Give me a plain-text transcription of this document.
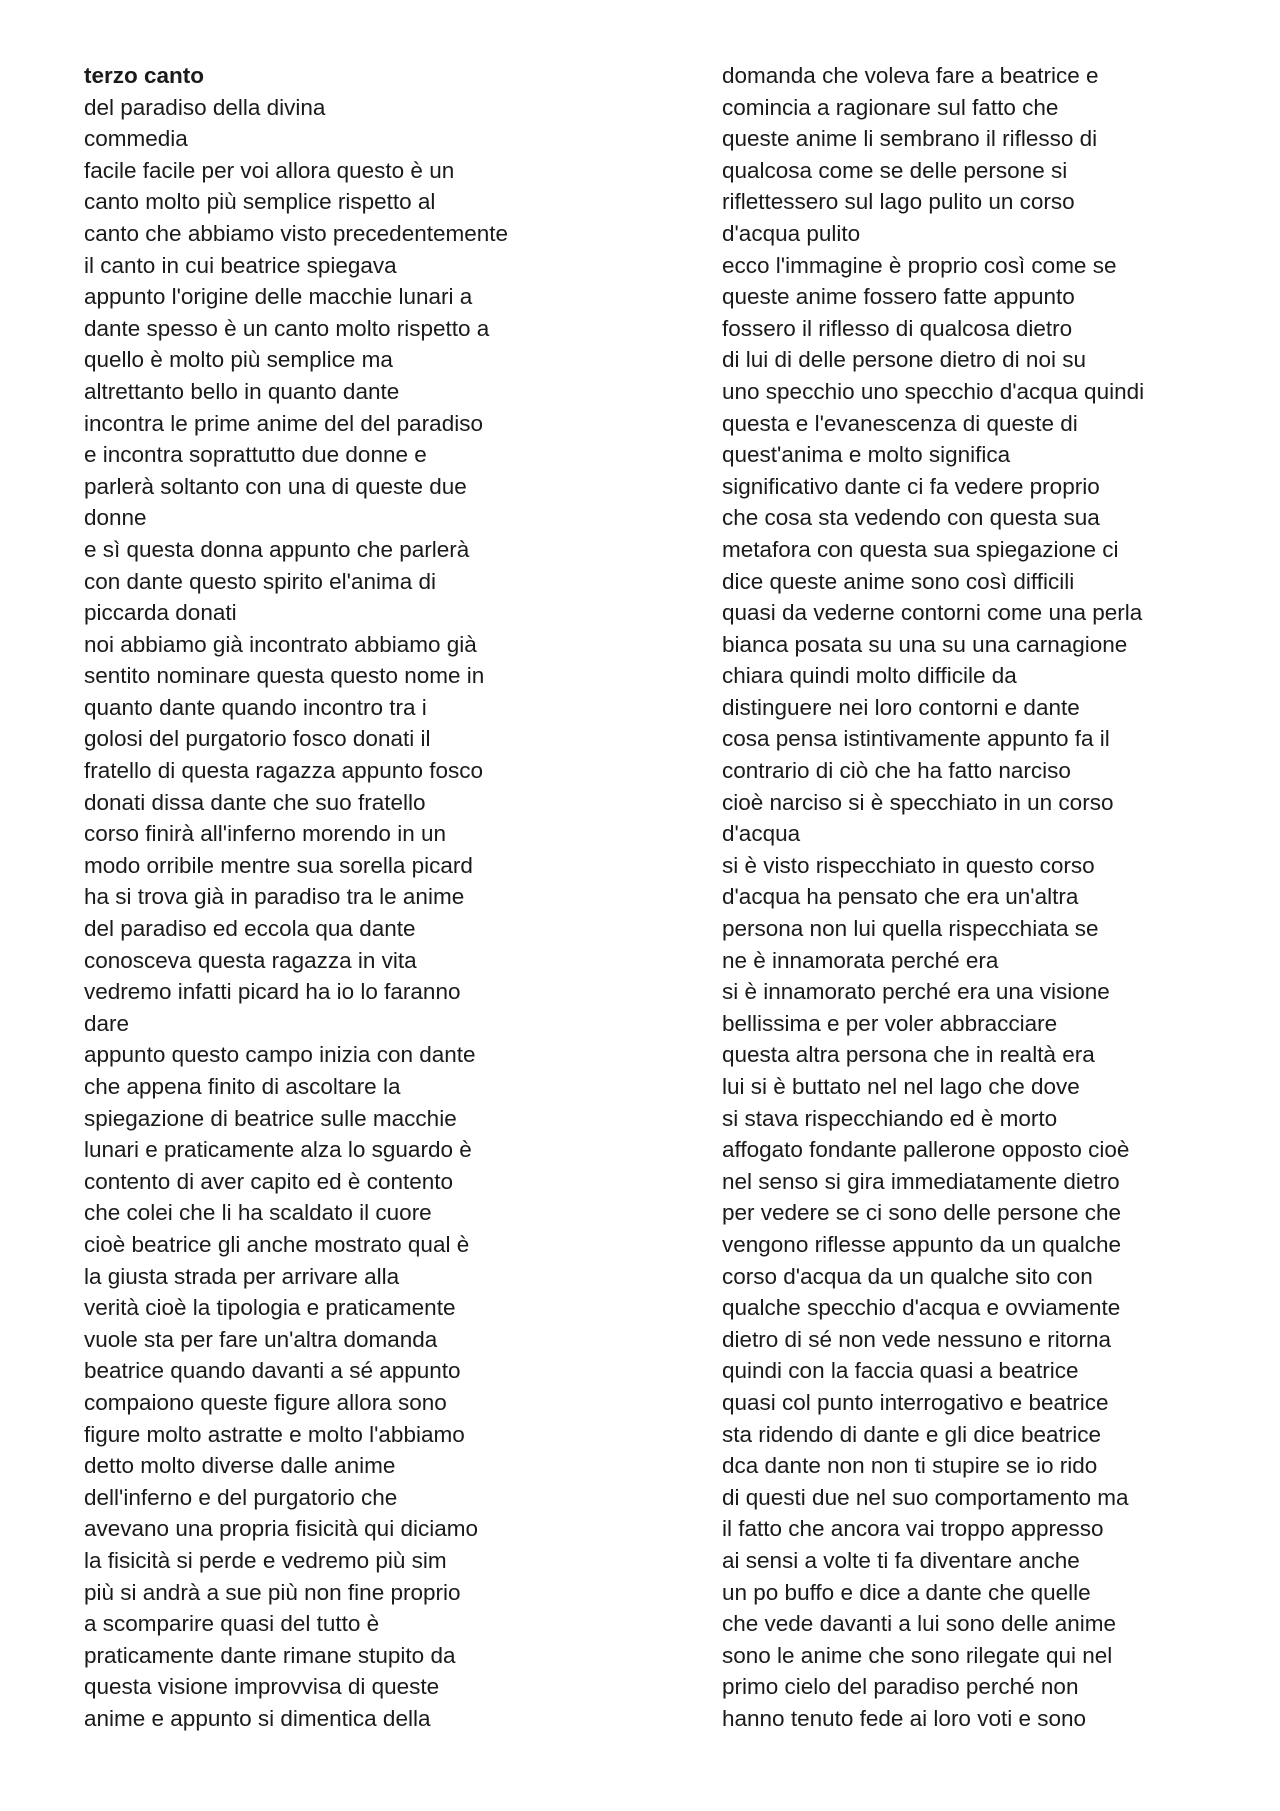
terzo canto
del paradiso della divina
commedia
facile facile per voi allora questo è un
canto molto più semplice rispetto al
canto che abbiamo visto precedentemente
il canto in cui beatrice spiegava
appunto l'origine delle macchie lunari a
dante spesso è un canto molto rispetto a
quello è molto più semplice ma
altrettanto bello in quanto dante
incontra le prime anime del del paradiso
e incontra soprattutto due donne e
parlerà soltanto con una di queste due
donne
e sì questa donna appunto che parlerà
con dante questo spirito el'anima di
piccarda donati
noi abbiamo già incontrato abbiamo già
sentito nominare questa questo nome in
quanto dante quando incontro tra i
golosi del purgatorio fosco donati il
fratello di questa ragazza appunto fosco
donati dissa dante che suo fratello
corso finirà all'inferno morendo in un
modo orribile mentre sua sorella picard
ha si trova già in paradiso tra le anime
del paradiso ed eccola qua dante
conosceva questa ragazza in vita
vedremo infatti picard ha io lo faranno
dare
appunto questo campo inizia con dante
che appena finito di ascoltare la
spiegazione di beatrice sulle macchie
lunari e praticamente alza lo sguardo è
contento di aver capito ed è contento
che colei che li ha scaldato il cuore
cioè beatrice gli anche mostrato qual è
la giusta strada per arrivare alla
verità cioè la tipologia e praticamente
vuole sta per fare un'altra domanda
beatrice quando davanti a sé appunto
compaiono queste figure allora sono
figure molto astratte e molto l'abbiamo
detto molto diverse dalle anime
dell'inferno e del purgatorio che
avevano una propria fisicità qui diciamo
la fisicità si perde e vedremo più sim
più si andrà a sue più non fine proprio
a scomparire quasi del tutto è
praticamente dante rimane stupito da
questa visione improvvisa di queste
anime e appunto si dimentica della
domanda che voleva fare a beatrice e
comincia a ragionare sul fatto che
queste anime li sembrano il riflesso di
qualcosa come se delle persone si
riflettessero sul lago pulito un corso
d'acqua pulito
ecco l'immagine è proprio così come se
queste anime fossero fatte appunto
fossero il riflesso di qualcosa dietro
di lui di delle persone dietro di noi su
uno specchio uno specchio d'acqua quindi
questa e l'evanescenza di queste di
quest'anima e molto significa
significativo dante ci fa vedere proprio
che cosa sta vedendo con questa sua
metafora con questa sua spiegazione ci
dice queste anime sono così difficili
quasi da vederne contorni come una perla
bianca posata su una su una carnagione
chiara quindi molto difficile da
distinguere nei loro contorni e dante
cosa pensa istintivamente appunto fa il
contrario di ciò che ha fatto narciso
cioè narciso si è specchiato in un corso
d'acqua
si è visto rispecchiato in questo corso
d'acqua ha pensato che era un'altra
persona non lui quella rispecchiata se
ne è innamorata perché era
si è innamorato perché era una visione
bellissima e per voler abbracciare
questa altra persona che in realtà era
lui si è buttato nel nel lago che dove
si stava rispecchiando ed è morto
affogato fondante pallerone opposto cioè
nel senso si gira immediatamente dietro
per vedere se ci sono delle persone che
vengono riflesse appunto da un qualche
corso d'acqua da un qualche sito con
qualche specchio d'acqua e ovviamente
dietro di sé non vede nessuno e ritorna
quindi con la faccia quasi a beatrice
quasi col punto interrogativo e beatrice
sta ridendo di dante e gli dice beatrice
dca dante non non ti stupire se io rido
di questi due nel suo comportamento ma
il fatto che ancora vai troppo appresso
ai sensi a volte ti fa diventare anche
un po buffo e dice a dante che quelle
che vede davanti a lui sono delle anime
sono le anime che sono rilegate qui nel
primo cielo del paradiso perché non
hanno tenuto fede ai loro voti e sono
